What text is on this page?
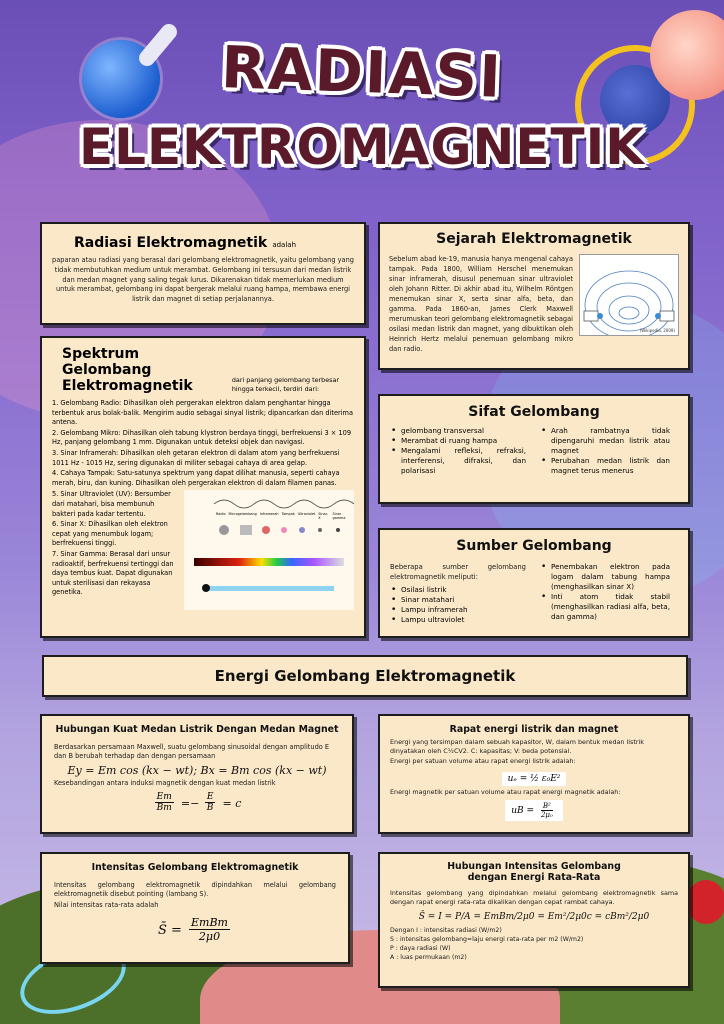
RADIASI
ELEKTROMAGNETIK
Radiasi Elektromagnetik adalah

paparan atau radiasi yang berasal dari gelombang elektromagnetik, yaitu gelombang yang tidak membutuhkan medium untuk merambat. Gelombang ini tersusun dari medan listrik dan medan magnet yang saling tegak lurus. Dikarenakan tidak memerlukan medium untuk merambat, gelombang ini dapat bergerak melalui ruang hampa, membawa energi listrik dan magnet di setiap perjalanannya.

Sejarah Elektromagnetik

Sebelum abad ke-19, manusia hanya mengenal cahaya tampak. Pada 1800, William Herschel menemukan sinar inframerah, disusul penemuan sinar ultraviolet oleh Johann Ritter. Di akhir abad itu, Wilhelm Röntgen menemukan sinar X, serta sinar alfa, beta, dan gamma. Pada 1860-an, James Clerk Maxwell merumuskan teori gelombang elektromagnetik sebagai osilasi medan listrik dan magnet, yang dibuktikan oleh Heinrich Hertz melalui penemuan gelombang mikro dan radio.

(Wikipedia, 2009)
Spektrum Gelombang
Elektromagnetik	dari panjang gelombang terbesar hingga terkecil, terdiri dari:
1. Gelombang Radio: Dihasilkan oleh pergerakan elektron dalam penghantar hingga terbentuk arus bolak-balik. Mengirim audio sebagai sinyal listrik; dipancarkan dan diterima antena.
2. Gelombang Mikro: Dihasilkan oleh tabung klystron berdaya tinggi, berfrekuensi 3 × 109 Hz, panjang gelombang 1 mm. Digunakan untuk deteksi objek dan navigasi.
3. Sinar Inframerah: Dihasilkan oleh getaran elektron di dalam atom yang berfrekuensi 1011 Hz - 1015 Hz, sering digunakan di militer sebagai cahaya di area gelap.
4. Cahaya Tampak: Satu-satunya spektrum yang dapat dilihat manusia, seperti cahaya merah, biru, dan kuning. Dihasilkan oleh pergerakan elektron di dalam filamen panas.
5. Sinar Ultraviolet (UV): Bersumber dari matahari, bisa membunuh bakteri pada kadar tertentu.
6. Sinar X: Dihasilkan oleh elektron cepat yang menumbuk logam; berfrekuensi tinggi.
7. Sinar Gamma: Berasal dari unsur radioaktif, berfrekuensi tertinggi dan daya tembus kuat. Dapat digunakan untuk sterilisasi dan rekayasa genetika.
Radio Microgelombang Inframerah Tampak Ultraviolet Sinar-X
Sinar gamma
Sifat Gelombang
• gelombang transversal
• Merambat di ruang hampa
• Mengalami refleksi, refraksi, interferensi, difraksi, dan polarisasi
• Arah rambatnya tidak dipengaruhi medan listrik atau magnet
• Perubahan medan listrik dan magnet terus menerus
Sumber Gelombang

Beberapa sumber gelombang elektromagnetik meliputi:

• Osilasi listrik
• Sinar matahari
• Lampu inframerah
• Lampu ultraviolet
• Penembakan elektron pada logam dalam tabung hampa (menghasilkan sinar X)
• Inti atom tidak stabil (menghasilkan radiasi alfa, beta, dan gamma)
Energi Gelombang Elektromagnetik
Hubungan Kuat Medan Listrik Dengan Medan Magnet

Berdasarkan persamaan Maxwell, suatu gelombang sinusoidal dengan amplitudo E dan B berubah terhadap dan dengan persamaan

Ey = Em cos (kx − wt); Bx = Bm cos (kx − wt)

Kesebandingan antara induksi magnetik dengan kuat medan listrik

$\frac{Em}{Bm} =- \frac{E}{B} = c$
Rapat energi listrik dan magnet

Energi yang tersimpan dalam sebuah kapasitor, W, dalam bentuk medan listrik dinyatakan oleh C½CV2. C: kapasitas; V: beda potensial.

Energi per satuan volume atau rapat energi listrik adalah:

uₑ = ½ ε₀E²

Energi magnetik per satuan volume atau rapat energi magnetik adalah:

uB = $\frac{\text{B²}}{\text{2μ₀}}$
Intensitas Gelombang Elektromagnetik

Intensitas gelombang elektromagnetik dipindahkan melalui gelombang elektromagnetik disebut pointing (lambang S).

Nilai intensitas rata-rata adalah

S̄ = $\frac{\text{EmBm}}{2\mu 0}$
Hubungan Intensitas Gelombang
dengan Energi Rata-Rata

Intensitas gelombang yang dipindahkan melalui gelombang elektromagnetik sama dengan rapat energi rata-rata dikalikan dengan cepat rambat cahaya.

S̄ = I = P/A = EmBm/2μ0 = Em²/2μ0c = cBm²/2μ0

Dengan I : intensitas radiasi (W/m2)

S : intensitas gelombang=laju energi rata-rata per m2 (W/m2)

P : daya radiasi (W)

A : luas permukaan (m2)
